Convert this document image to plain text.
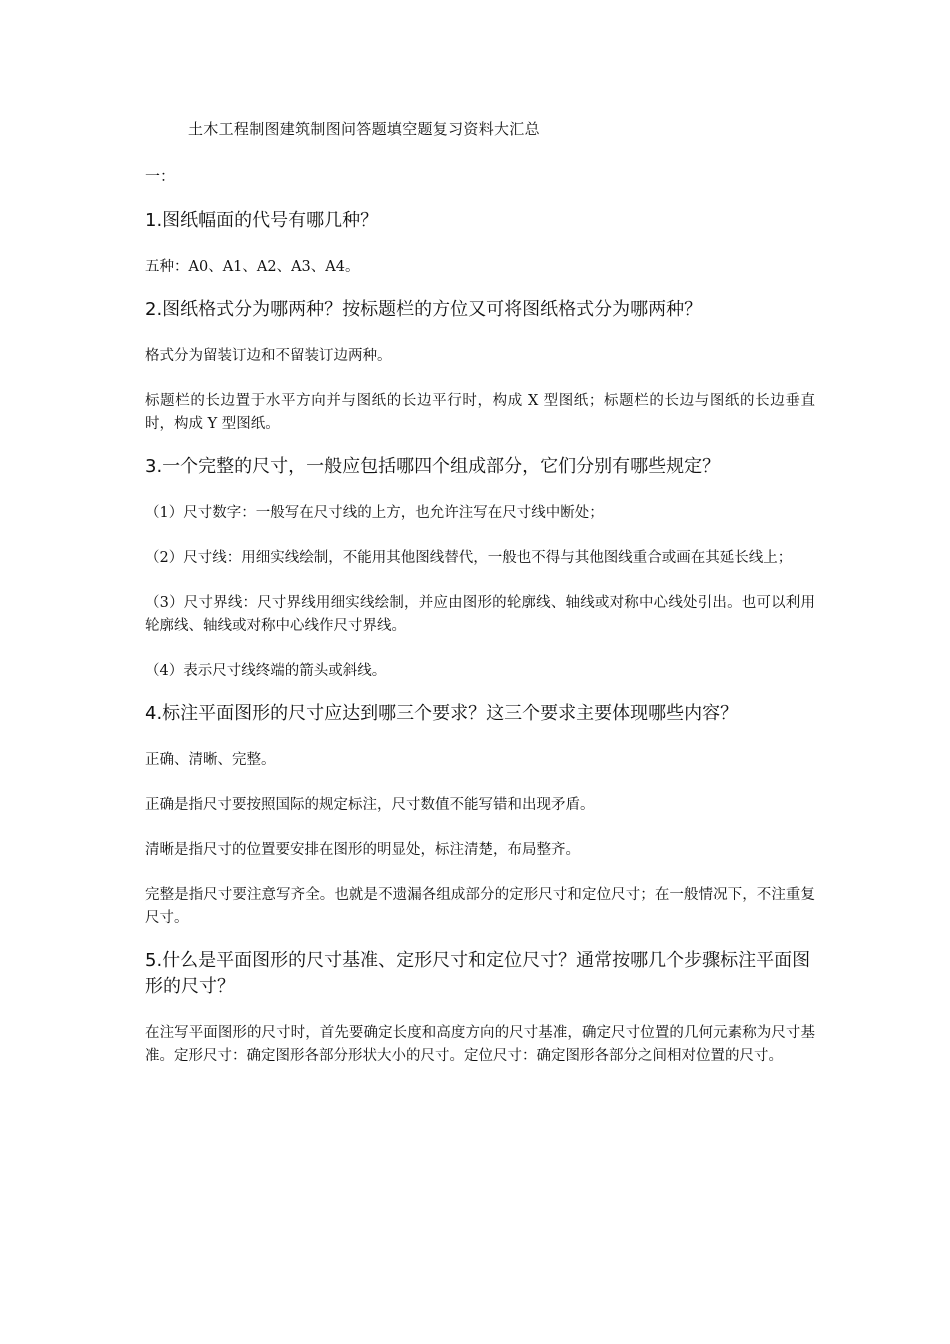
土木工程制图建筑制图问答题填空题复习资料大汇总
一：

1.图纸幅面的代号有哪几种？

五种：A0、A1、A2、A3、A4。

2.图纸格式分为哪两种？按标题栏的方位又可将图纸格式分为哪两种？

格式分为留装订边和不留装订边两种。

标题栏的长边置于水平方向并与图纸的长边平行时，构成 X 型图纸；标题栏的长边与图纸的长边垂直时，构成 Y 型图纸。

3.一个完整的尺寸，一般应包括哪四个组成部分，它们分别有哪些规定？

（1）尺寸数字：一般写在尺寸线的上方，也允许注写在尺寸线中断处；

（2）尺寸线：用细实线绘制，不能用其他图线替代，一般也不得与其他图线重合或画在其延长线上；

（3）尺寸界线：尺寸界线用细实线绘制，并应由图形的轮廓线、轴线或对称中心线处引出。也可以利用轮廓线、轴线或对称中心线作尺寸界线。

（4）表示尺寸线终端的箭头或斜线。

4.标注平面图形的尺寸应达到哪三个要求？这三个要求主要体现哪些内容？

正确、清晰、完整。

正确是指尺寸要按照国际的规定标注，尺寸数值不能写错和出现矛盾。

清晰是指尺寸的位置要安排在图形的明显处，标注清楚，布局整齐。

完整是指尺寸要注意写齐全。也就是不遗漏各组成部分的定形尺寸和定位尺寸；在一般情况下，不注重复尺寸。

5.什么是平面图形的尺寸基准、定形尺寸和定位尺寸？通常按哪几个步骤标注平面图形的尺寸？

在注写平面图形的尺寸时，首先要确定长度和高度方向的尺寸基准，确定尺寸位置的几何元素称为尺寸基准。定形尺寸：确定图形各部分形状大小的尺寸。定位尺寸：确定图形各部分之间相对位置的尺寸。
